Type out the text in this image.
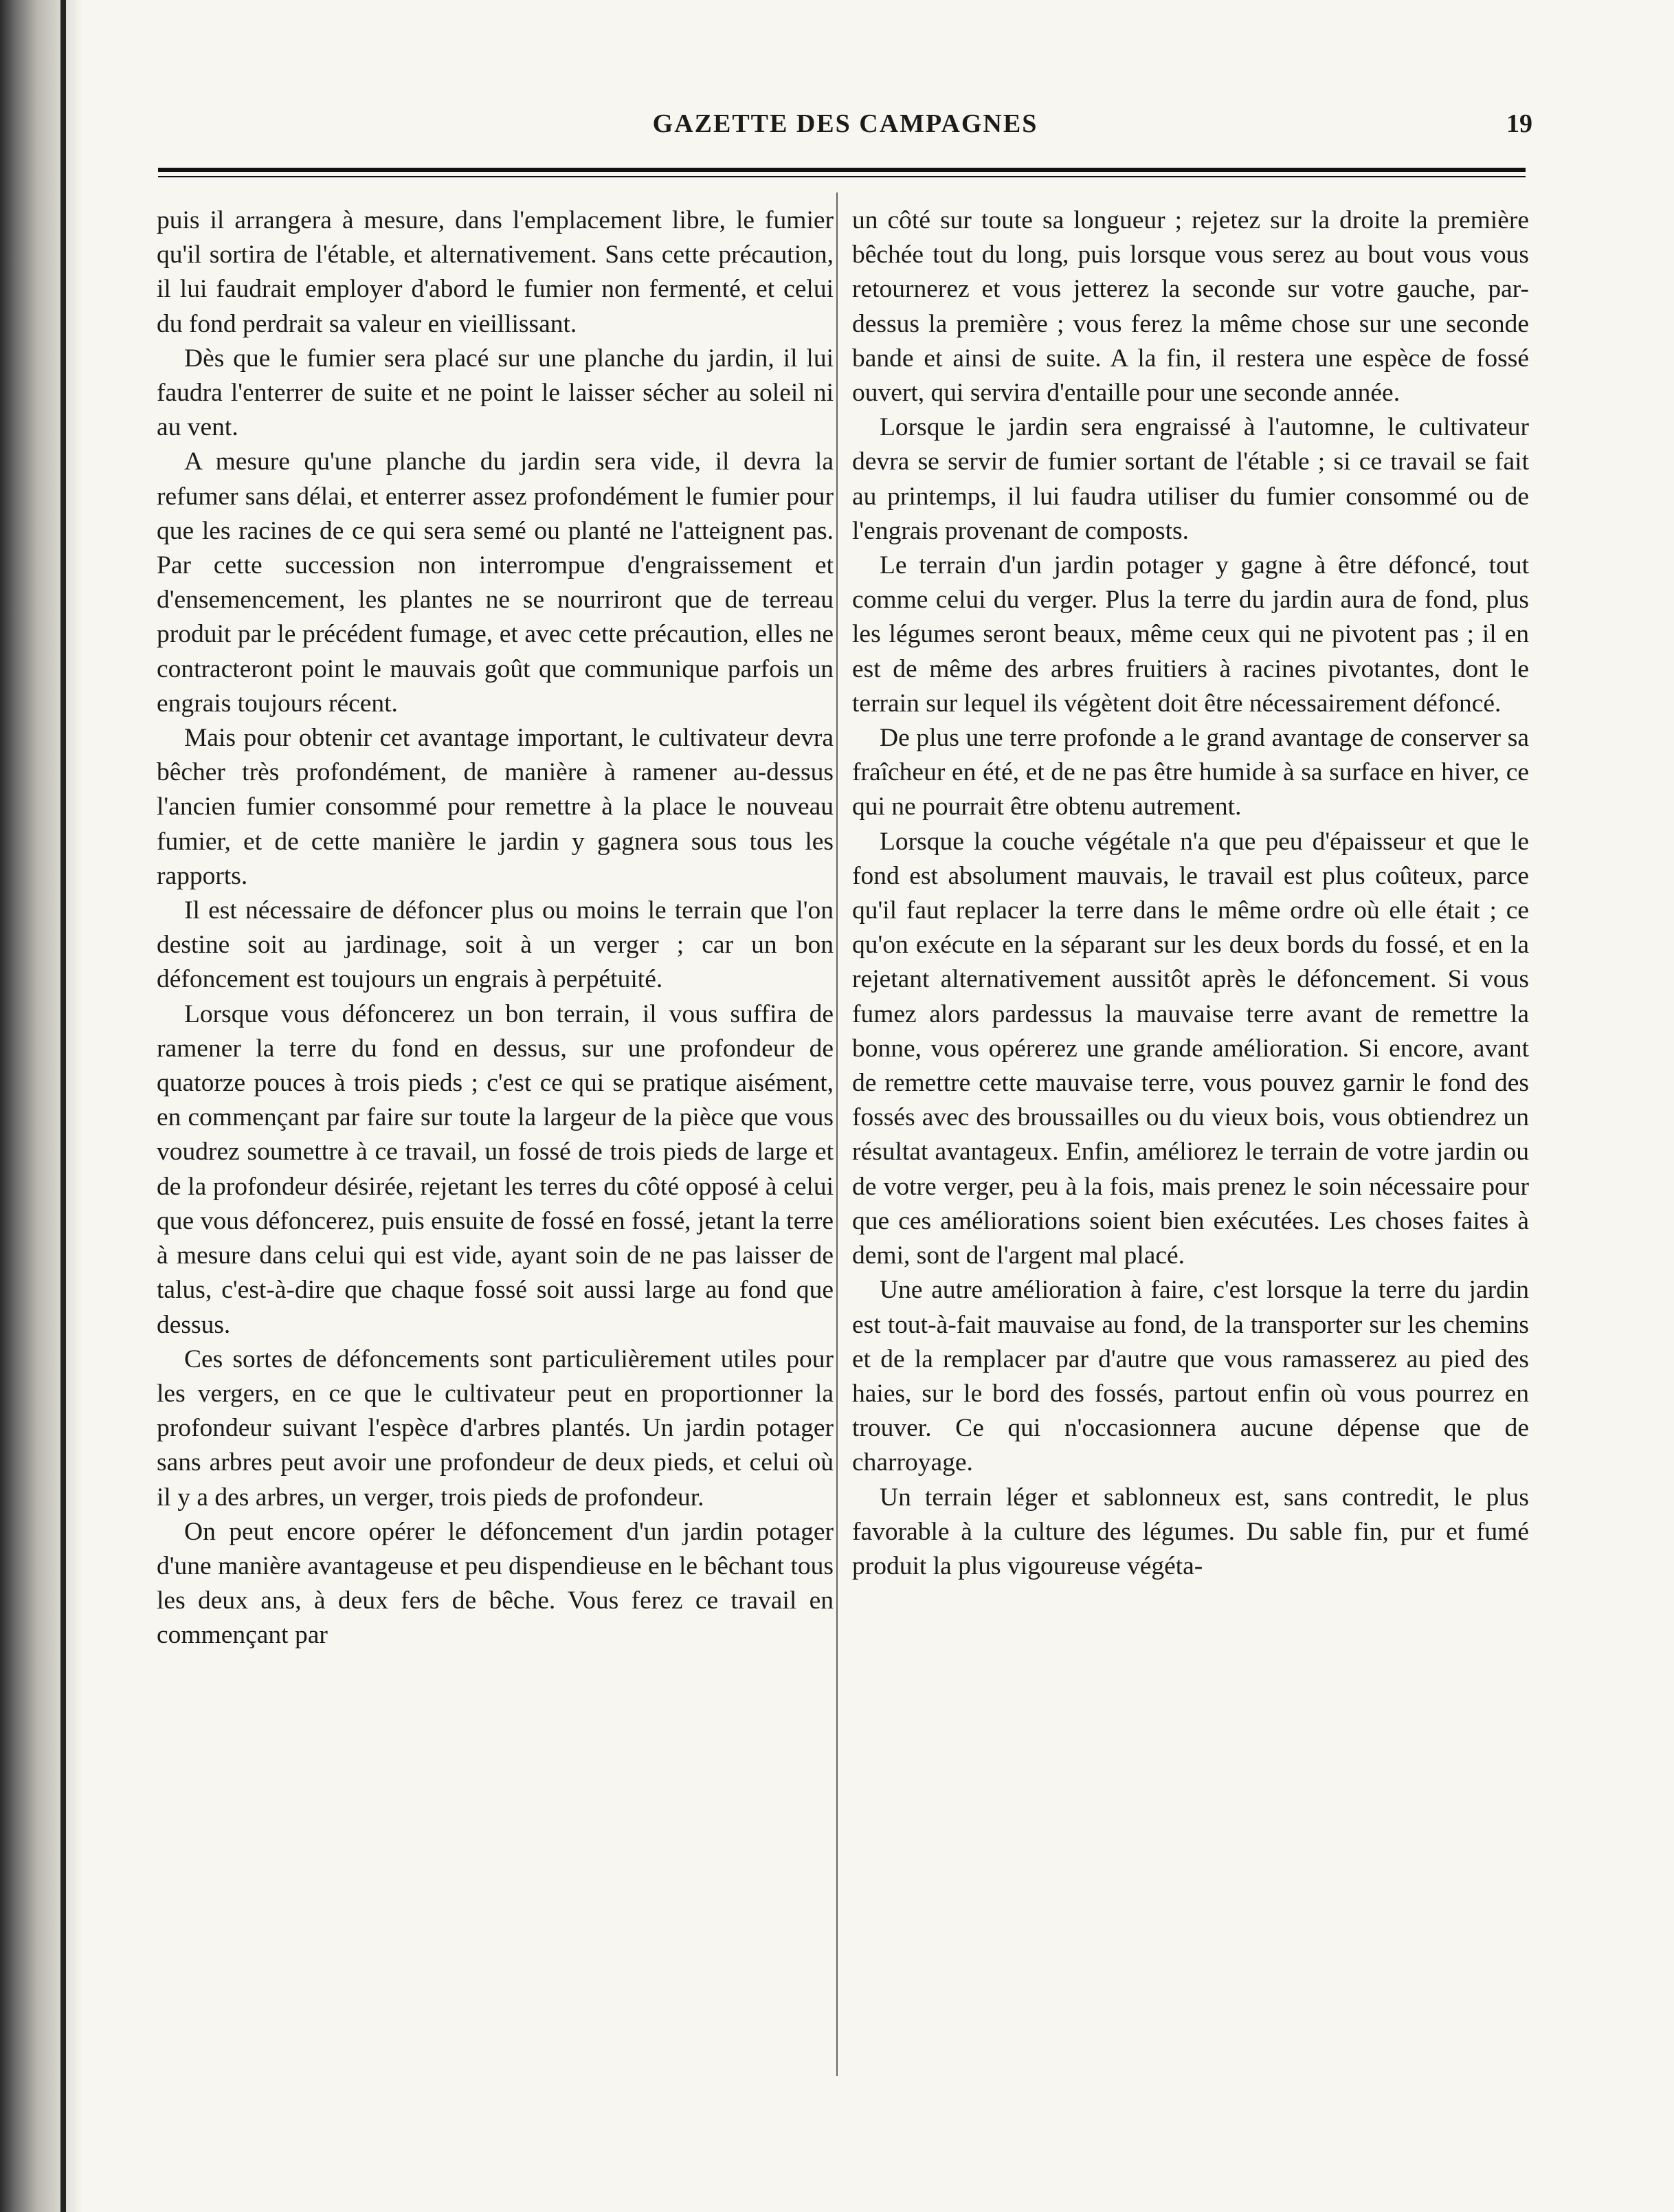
GAZETTE DES CAMPAGNES	19

puis il arrangera à mesure, dans l'emplacement libre, le fumier qu'il sortira de l'étable, et alternativement. Sans cette précaution, il lui faudrait employer d'abord le fumier non fermenté, et celui du fond perdrait sa valeur en vieillissant.

Dès que le fumier sera placé sur une planche du jardin, il lui faudra l'enterrer de suite et ne point le laisser sécher au soleil ni au vent.

A mesure qu'une planche du jardin sera vide, il devra la refumer sans délai, et enterrer assez profondément le fumier pour que les racines de ce qui sera semé ou planté ne l'atteignent pas. Par cette succession non interrompue d'engraissement et d'ensemencement, les plantes ne se nourriront que de terreau produit par le précédent fumage, et avec cette précaution, elles ne contracteront point le mauvais goût que communique parfois un engrais toujours récent.

Mais pour obtenir cet avantage important, le cultivateur devra bêcher très profondément, de manière à ramener au-dessus l'ancien fumier consommé pour remettre à la place le nouveau fumier, et de cette manière le jardin y gagnera sous tous les rapports.

Il est nécessaire de défoncer plus ou moins le terrain que l'on destine soit au jardinage, soit à un verger ; car un bon défoncement est toujours un engrais à perpétuité.

Lorsque vous défoncerez un bon terrain, il vous suffira de ramener la terre du fond en dessus, sur une profondeur de quatorze pouces à trois pieds ; c'est ce qui se pratique aisément, en commençant par faire sur toute la largeur de la pièce que vous voudrez soumettre à ce travail, un fossé de trois pieds de large et de la profondeur désirée, rejetant les terres du côté opposé à celui que vous défoncerez, puis ensuite de fossé en fossé, jetant la terre à mesure dans celui qui est vide, ayant soin de ne pas laisser de talus, c'est-à-dire que chaque fossé soit aussi large au fond que dessus.

Ces sortes de défoncements sont particulièrement utiles pour les vergers, en ce que le cultivateur peut en proportionner la profondeur suivant l'espèce d'arbres plantés. Un jardin potager sans arbres peut avoir une profondeur de deux pieds, et celui où il y a des arbres, un verger, trois pieds de profondeur.

On peut encore opérer le défoncement d'un jardin potager d'une manière avantageuse et peu dispendieuse en le bêchant tous les deux ans, à deux fers de bêche. Vous ferez ce travail en commençant par

un côté sur toute sa longueur ; rejetez sur la droite la première bêchée tout du long, puis lorsque vous serez au bout vous vous retournerez et vous jetterez la seconde sur votre gauche, par-dessus la première ; vous ferez la même chose sur une seconde bande et ainsi de suite. A la fin, il restera une espèce de fossé ouvert, qui servira d'entaille pour une seconde année.

Lorsque le jardin sera engraissé à l'automne, le cultivateur devra se servir de fumier sortant de l'étable ; si ce travail se fait au printemps, il lui faudra utiliser du fumier consommé ou de l'engrais provenant de composts.

Le terrain d'un jardin potager y gagne à être défoncé, tout comme celui du verger. Plus la terre du jardin aura de fond, plus les légumes seront beaux, même ceux qui ne pivotent pas ; il en est de même des arbres fruitiers à racines pivotantes, dont le terrain sur lequel ils végètent doit être nécessairement défoncé.

De plus une terre profonde a le grand avantage de conserver sa fraîcheur en été, et de ne pas être humide à sa surface en hiver, ce qui ne pourrait être obtenu autrement.

Lorsque la couche végétale n'a que peu d'épaisseur et que le fond est absolument mauvais, le travail est plus coûteux, parce qu'il faut replacer la terre dans le même ordre où elle était ; ce qu'on exécute en la séparant sur les deux bords du fossé, et en la rejetant alternativement aussitôt après le défoncement. Si vous fumez alors pardessus la mauvaise terre avant de remettre la bonne, vous opérerez une grande amélioration. Si encore, avant de remettre cette mauvaise terre, vous pouvez garnir le fond des fossés avec des broussailles ou du vieux bois, vous obtiendrez un résultat avantageux. Enfin, améliorez le terrain de votre jardin ou de votre verger, peu à la fois, mais prenez le soin nécessaire pour que ces améliorations soient bien exécutées. Les choses faites à demi, sont de l'argent mal placé.

Une autre amélioration à faire, c'est lorsque la terre du jardin est tout-à-fait mauvaise au fond, de la transporter sur les chemins et de la remplacer par d'autre que vous ramasserez au pied des haies, sur le bord des fossés, partout enfin où vous pourrez en trouver. Ce qui n'occasionnera aucune dépense que de charroyage.

Un terrain léger et sablonneux est, sans contredit, le plus favorable à la culture des légumes. Du sable fin, pur et fumé produit la plus vigoureuse végéta-
